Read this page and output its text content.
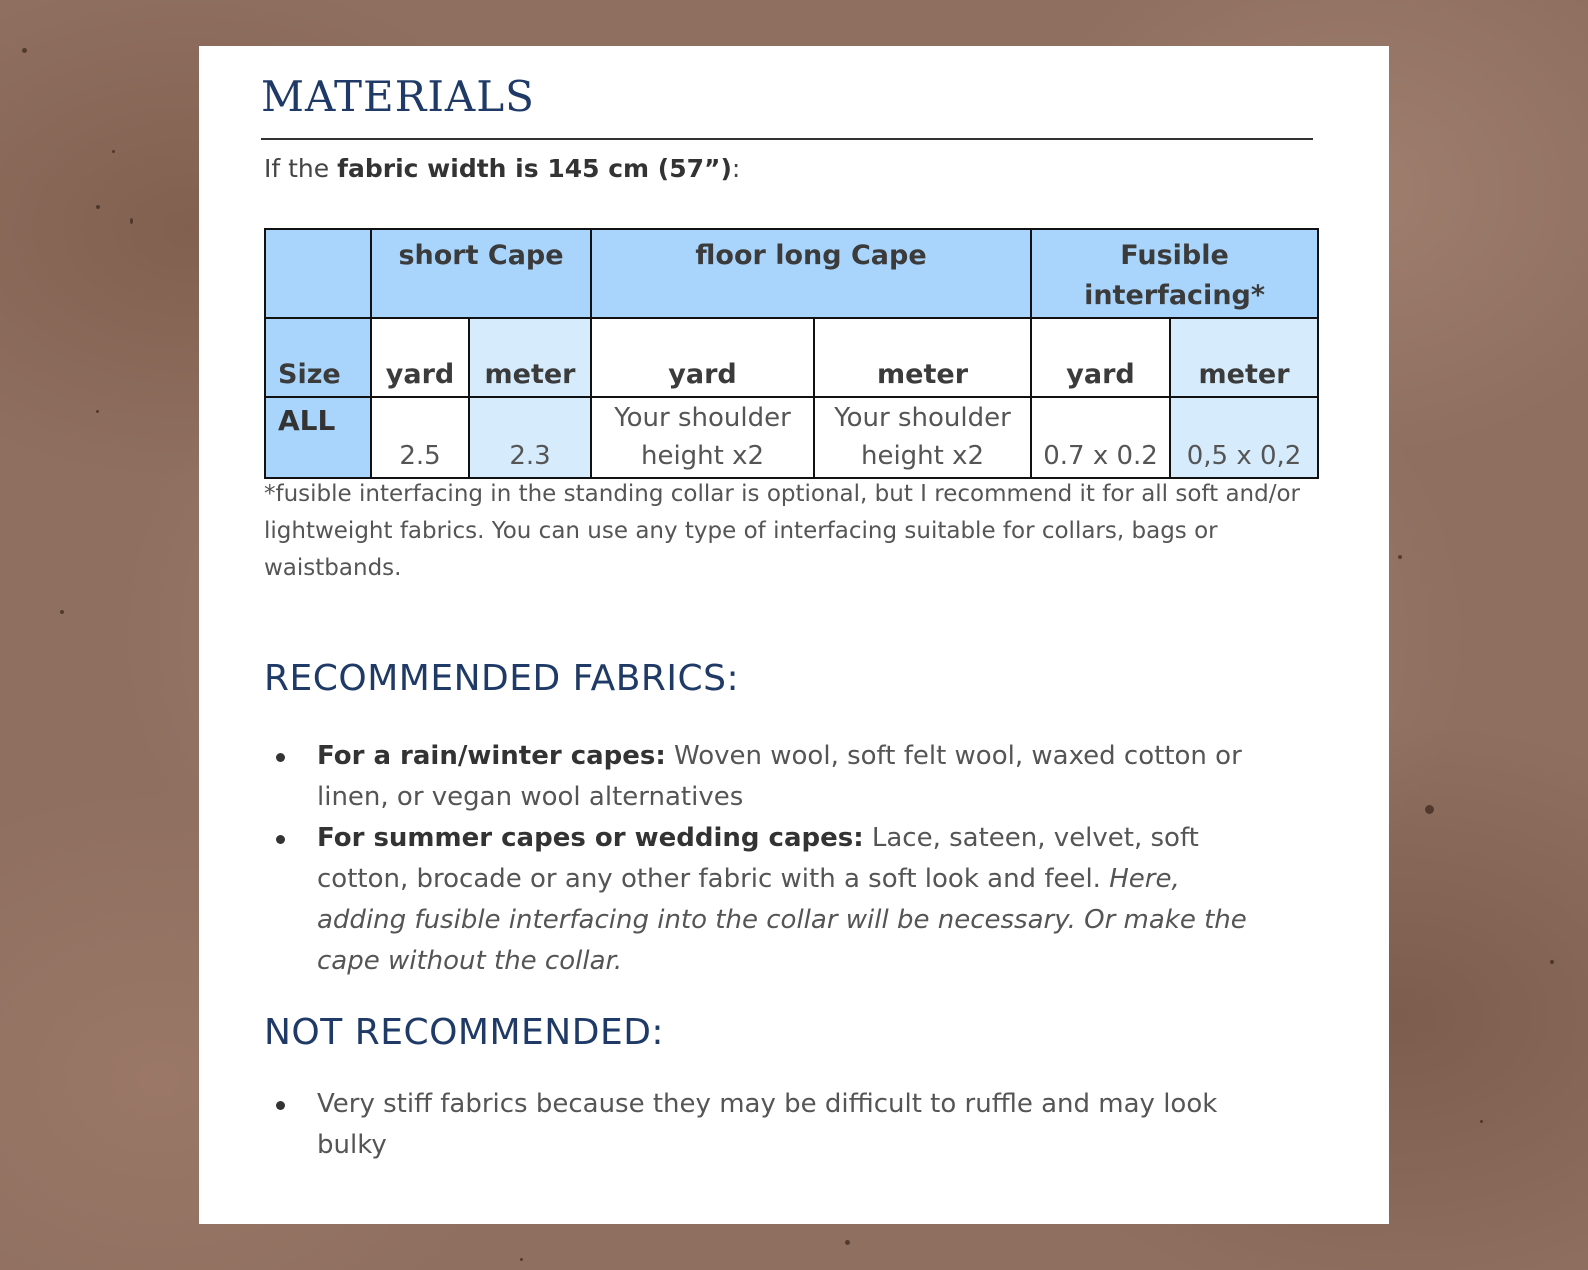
MATERIALS
If the fabric width is 145 cm (57”):
	short Cape		floor long Cape		Fusible interfacing*	
Size	yard	meter	yard	meter	yard	meter
ALL	2.5	2.3	Your shoulder height x2	Your shoulder height x2	0.7 x 0.2	0,5 x 0,2

*fusible interfacing in the standing collar is optional, but I recommend it for all soft and/or lightweight fabrics. You can use any type of interfacing suitable for collars, bags or waistbands.

RECOMMENDED FABRICS:
For a rain/winter capes: Woven wool, soft felt wool, waxed cotton or linen, or vegan wool alternatives
For summer capes or wedding capes: Lace, sateen, velvet, soft cotton, brocade or any other fabric with a soft look and feel. Here, adding fusible interfacing into the collar will be necessary. Or make the cape without the collar.
NOT RECOMMENDED:
Very stiff fabrics because they may be difficult to ruffle and may look bulky
